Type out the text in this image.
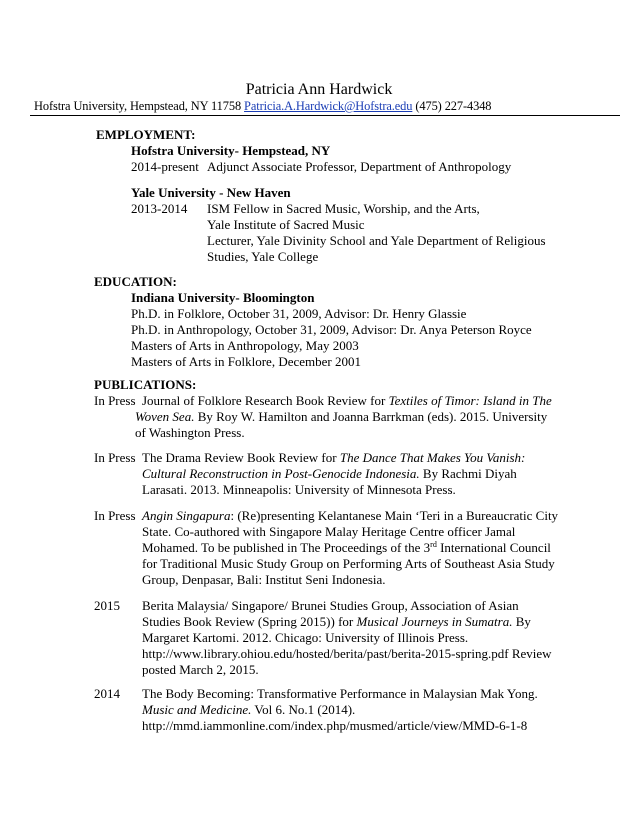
Patricia Ann Hardwick
Hofstra University, Hempstead, NY 11758 Patricia.A.Hardwick@Hofstra.edu (475) 227-4348
EMPLOYMENT:
Hofstra University- Hempstead, NY
2014-present Adjunct Associate Professor, Department of Anthropology
Yale University - New Haven
2013-2014 ISM Fellow in Sacred Music, Worship, and the Arts,
Yale Institute of Sacred Music
Lecturer, Yale Divinity School and Yale Department of Religious
Studies, Yale College
EDUCATION:
Indiana University- Bloomington
Ph.D. in Folklore, October 31, 2009, Advisor: Dr. Henry Glassie
Ph.D. in Anthropology, October 31, 2009, Advisor: Dr. Anya Peterson Royce
Masters of Arts in Anthropology, May 2003
Masters of Arts in Folklore, December 2001
PUBLICATIONS:
In Press Journal of Folklore Research Book Review for Textiles of Timor: Island in The
Woven Sea. By Roy W. Hamilton and Joanna Barrkman (eds). 2015. University
of Washington Press.
In Press The Drama Review Book Review for The Dance That Makes You Vanish:
Cultural Reconstruction in Post-Genocide Indonesia. By Rachmi Diyah
Larasati. 2013. Minneapolis: University of Minnesota Press.
In Press Angin Singapura: (Re)presenting Kelantanese Main ‘Teri in a Bureaucratic City
State. Co-authored with Singapore Malay Heritage Centre officer Jamal
Mohamed. To be published in The Proceedings of the 3rd International Council
for Traditional Music Study Group on Performing Arts of Southeast Asia Study
Group, Denpasar, Bali: Institut Seni Indonesia.
2015 Berita Malaysia/ Singapore/ Brunei Studies Group, Association of Asian
Studies Book Review (Spring 2015)) for Musical Journeys in Sumatra. By
Margaret Kartomi. 2012. Chicago: University of Illinois Press.
http://www.library.ohiou.edu/hosted/berita/past/berita-2015-spring.pdf Review
posted March 2, 2015.
2014 The Body Becoming: Transformative Performance in Malaysian Mak Yong.
Music and Medicine. Vol 6. No.1 (2014).
http://mmd.iammonline.com/index.php/musmed/article/view/MMD-6-1-8
